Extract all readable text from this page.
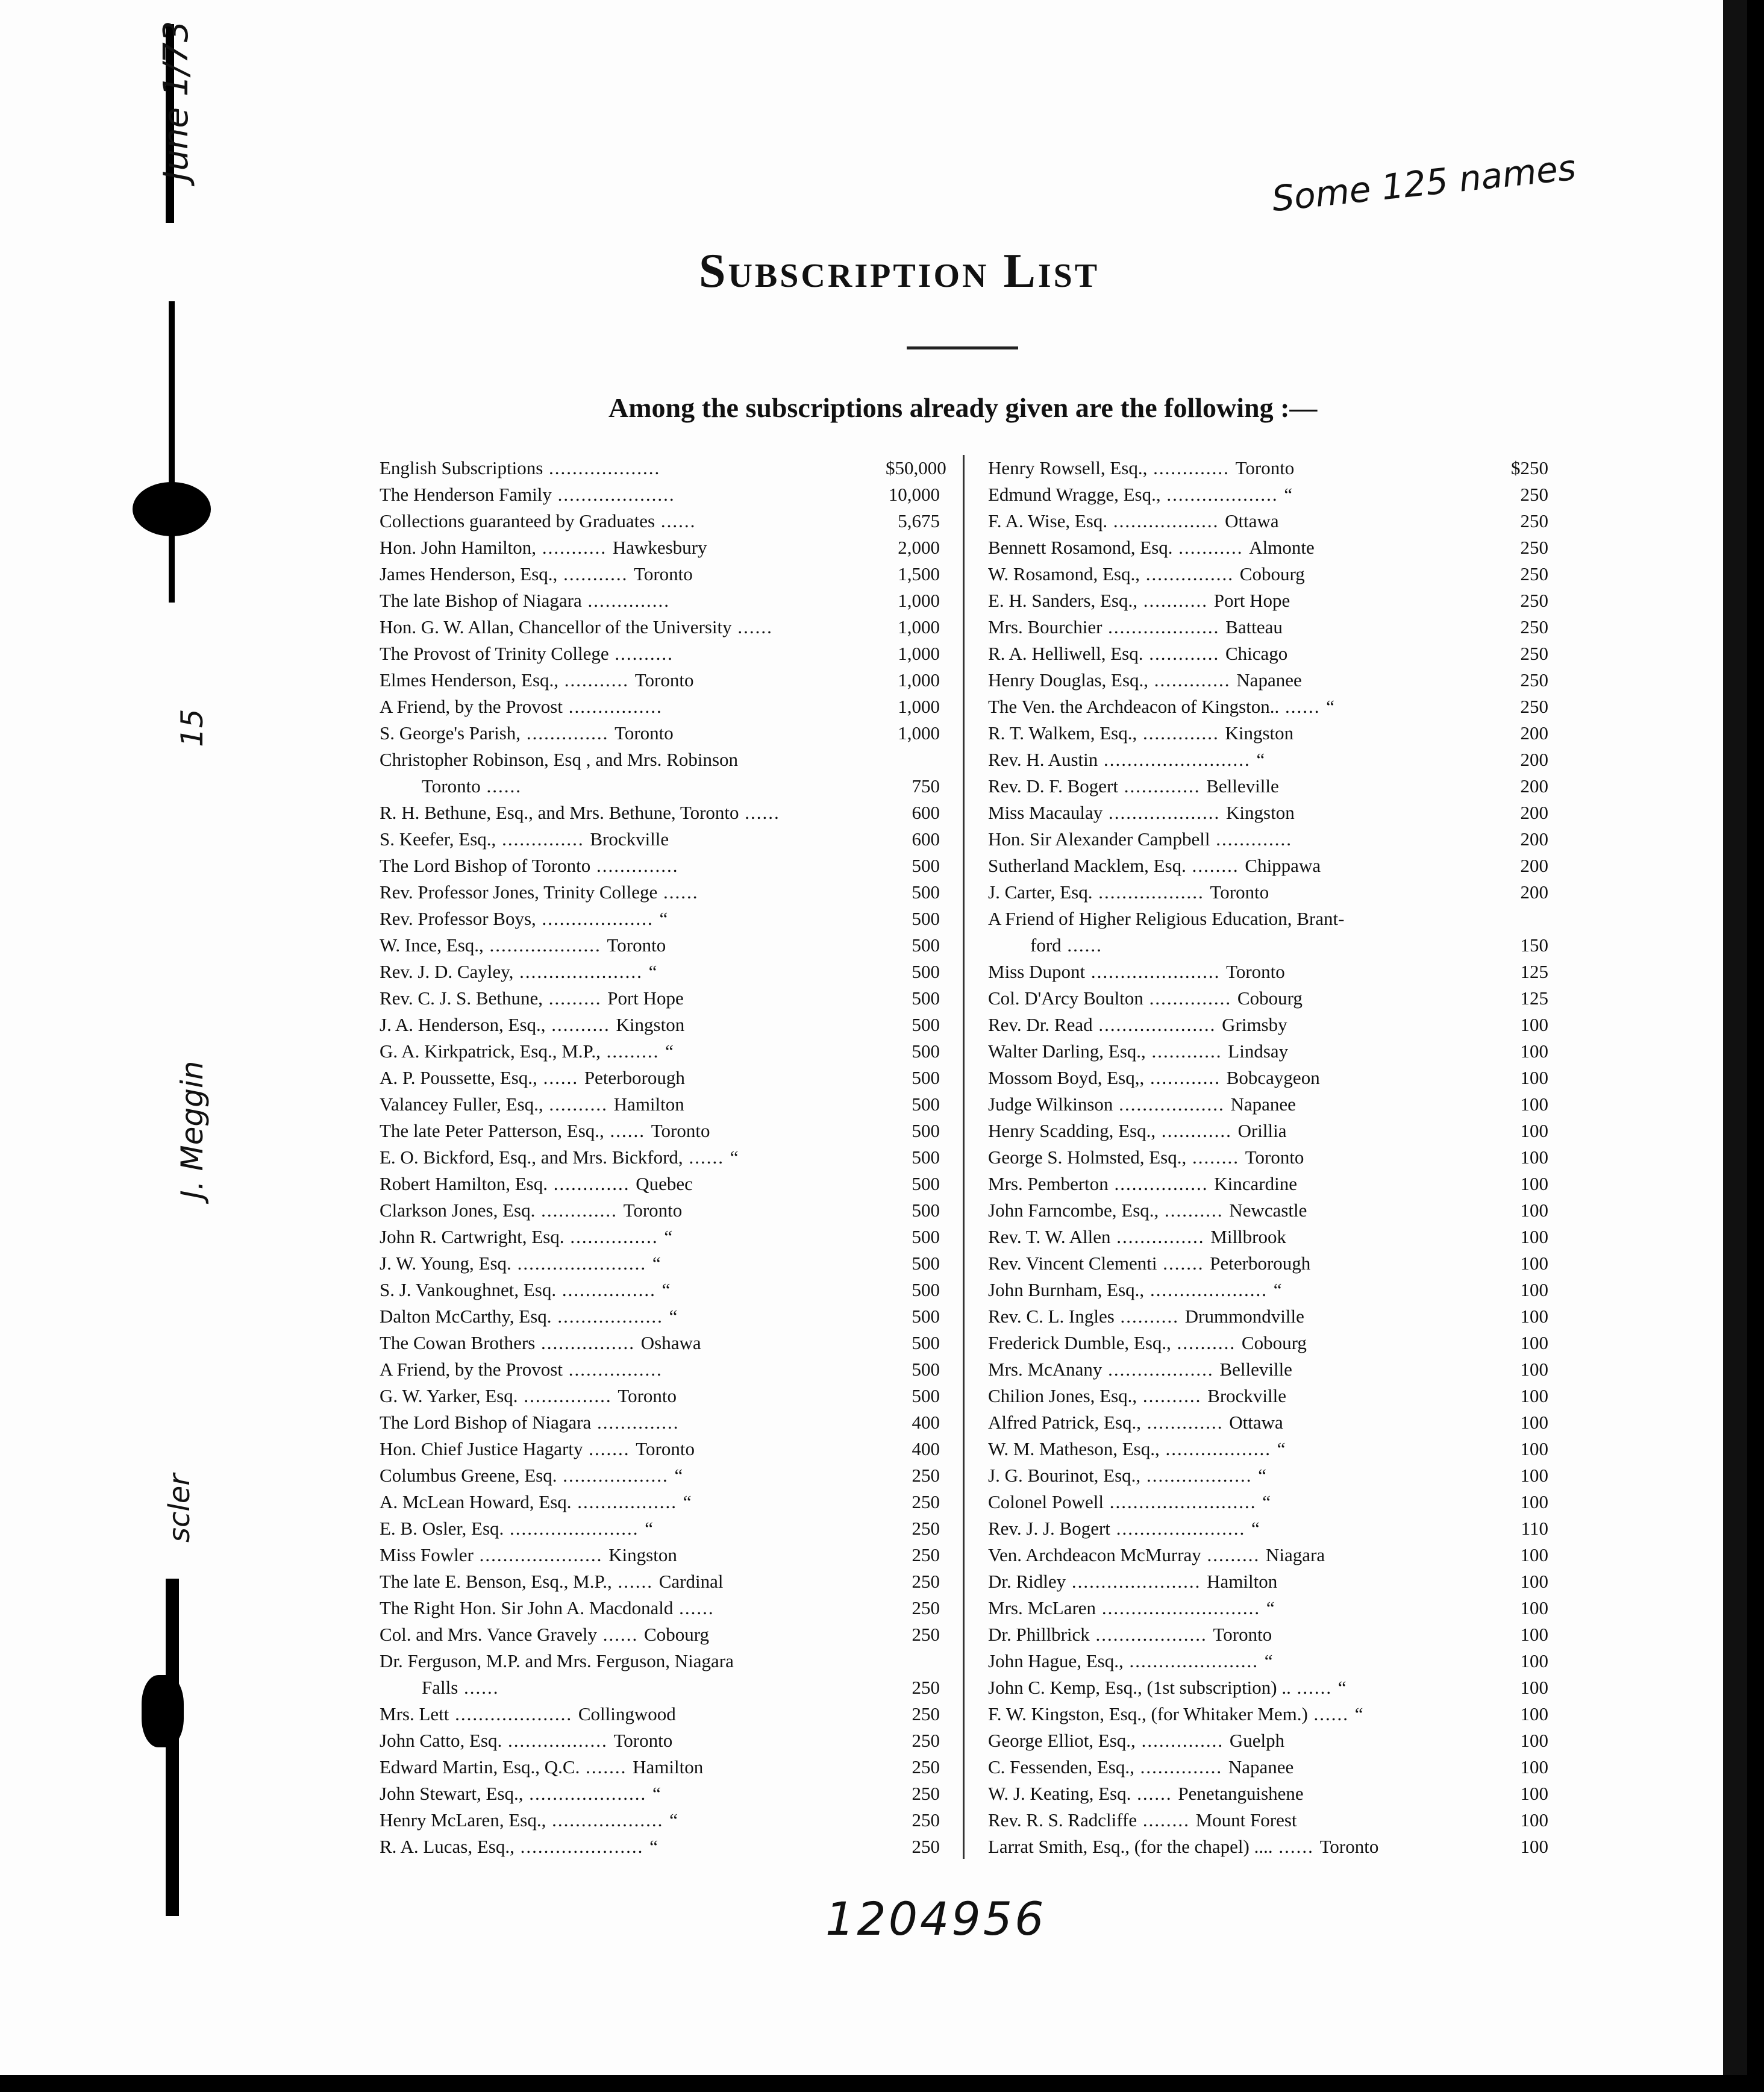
Some 125 names
June 1/73
15
J. Meggin
scler
Subscription List
Among the subscriptions already given are the following :—
English Subscriptions ...................	$50,000
The Henderson Family ....................	10,000
Collections guaranteed by Graduates ......	5,675
Hon. John Hamilton, ........... Hawkesbury	2,000
James Henderson, Esq., ........... Toronto	1,500
The late Bishop of Niagara ..............	1,000
Hon. G. W. Allan, Chancellor of the University ......	1,000
The Provost of Trinity College ..........	1,000
Elmes Henderson, Esq., ........... Toronto	1,000
A Friend, by the Provost ................	1,000
S. George's Parish, .............. Toronto	1,000
Christopher Robinson, Esq , and Mrs. Robinson
Toronto ......	750
R. H. Bethune, Esq., and Mrs. Bethune, Toronto ......	600
S. Keefer, Esq., .............. Brockville	600
The Lord Bishop of Toronto ..............	500
Rev. Professor Jones, Trinity College ......	500
Rev. Professor Boys, ................... “	500
W. Ince, Esq., ................... Toronto	500
Rev. J. D. Cayley, ..................... “	500
Rev. C. J. S. Bethune, ......... Port Hope	500
J. A. Henderson, Esq., .......... Kingston	500
G. A. Kirkpatrick, Esq., M.P., ......... “	500
A. P. Poussette, Esq., ...... Peterborough	500
Valancey Fuller, Esq., .......... Hamilton	500
The late Peter Patterson, Esq., ...... Toronto	500
E. O. Bickford, Esq., and Mrs. Bickford, ...... “	500
Robert Hamilton, Esq. ............. Quebec	500
Clarkson Jones, Esq. ............. Toronto	500
John R. Cartwright, Esq. ............... “	500
J. W. Young, Esq. ...................... “	500
S. J. Vankoughnet, Esq. ................ “	500
Dalton McCarthy, Esq. .................. “	500
The Cowan Brothers ................ Oshawa	500
A Friend, by the Provost ................	500
G. W. Yarker, Esq. ............... Toronto	500
The Lord Bishop of Niagara ..............	400
Hon. Chief Justice Hagarty ....... Toronto	400
Columbus Greene, Esq. .................. “	250
A. McLean Howard, Esq. ................. “	250
E. B. Osler, Esq. ...................... “	250
Miss Fowler ..................... Kingston	250
The late E. Benson, Esq., M.P., ...... Cardinal	250
The Right Hon. Sir John A. Macdonald ......	250
Col. and Mrs. Vance Gravely ...... Cobourg	250
Dr. Ferguson, M.P. and Mrs. Ferguson, Niagara
Falls ......	250
Mrs. Lett .................... Collingwood	250
John Catto, Esq. ................. Toronto	250
Edward Martin, Esq., Q.C. ....... Hamilton	250
John Stewart, Esq., .................... “	250
Henry McLaren, Esq., ................... “	250
R. A. Lucas, Esq., ..................... “	250
Henry Rowsell, Esq., ............. Toronto	$250
Edmund Wragge, Esq., ................... “	250
F. A. Wise, Esq. .................. Ottawa	250
Bennett Rosamond, Esq. ........... Almonte	250
W. Rosamond, Esq., ............... Cobourg	250
E. H. Sanders, Esq., ........... Port Hope	250
Mrs. Bourchier ................... Batteau	250
R. A. Helliwell, Esq. ............ Chicago	250
Henry Douglas, Esq., ............. Napanee	250
The Ven. the Archdeacon of Kingston.. ...... “	250
R. T. Walkem, Esq., ............. Kingston	200
Rev. H. Austin ......................... “	200
Rev. D. F. Bogert ............. Belleville	200
Miss Macaulay ................... Kingston	200
Hon. Sir Alexander Campbell .............	200
Sutherland Macklem, Esq. ........ Chippawa	200
J. Carter, Esq. .................. Toronto	200
A Friend of Higher Religious Education, Brant-
ford ......	150
Miss Dupont ...................... Toronto	125
Col. D'Arcy Boulton .............. Cobourg	125
Rev. Dr. Read .................... Grimsby	100
Walter Darling, Esq., ............ Lindsay	100
Mossom Boyd, Esq,, ............ Bobcaygeon	100
Judge Wilkinson .................. Napanee	100
Henry Scadding, Esq., ............ Orillia	100
George S. Holmsted, Esq., ........ Toronto	100
Mrs. Pemberton ................ Kincardine	100
John Farncombe, Esq., .......... Newcastle	100
Rev. T. W. Allen ............... Millbrook	100
Rev. Vincent Clementi ....... Peterborough	100
John Burnham, Esq., .................... “	100
Rev. C. L. Ingles .......... Drummondville	100
Frederick Dumble, Esq., .......... Cobourg	100
Mrs. McAnany .................. Belleville	100
Chilion Jones, Esq., .......... Brockville	100
Alfred Patrick, Esq., ............. Ottawa	100
W. M. Matheson, Esq., .................. “	100
J. G. Bourinot, Esq., .................. “	100
Colonel Powell ......................... “	100
Rev. J. J. Bogert ...................... “	110
Ven. Archdeacon McMurray ......... Niagara	100
Dr. Ridley ...................... Hamilton	100
Mrs. McLaren ........................... “	100
Dr. Phillbrick ................... Toronto	100
John Hague, Esq., ...................... “	100
John C. Kemp, Esq., (1st subscription) .. ...... “	100
F. W. Kingston, Esq., (for Whitaker Mem.) ...... “	100
George Elliot, Esq., .............. Guelph	100
C. Fessenden, Esq., .............. Napanee	100
W. J. Keating, Esq. ...... Penetanguishene	100
Rev. R. S. Radcliffe ........ Mount Forest	100
Larrat Smith, Esq., (for the chapel) .... ...... Toronto	100
1204956
